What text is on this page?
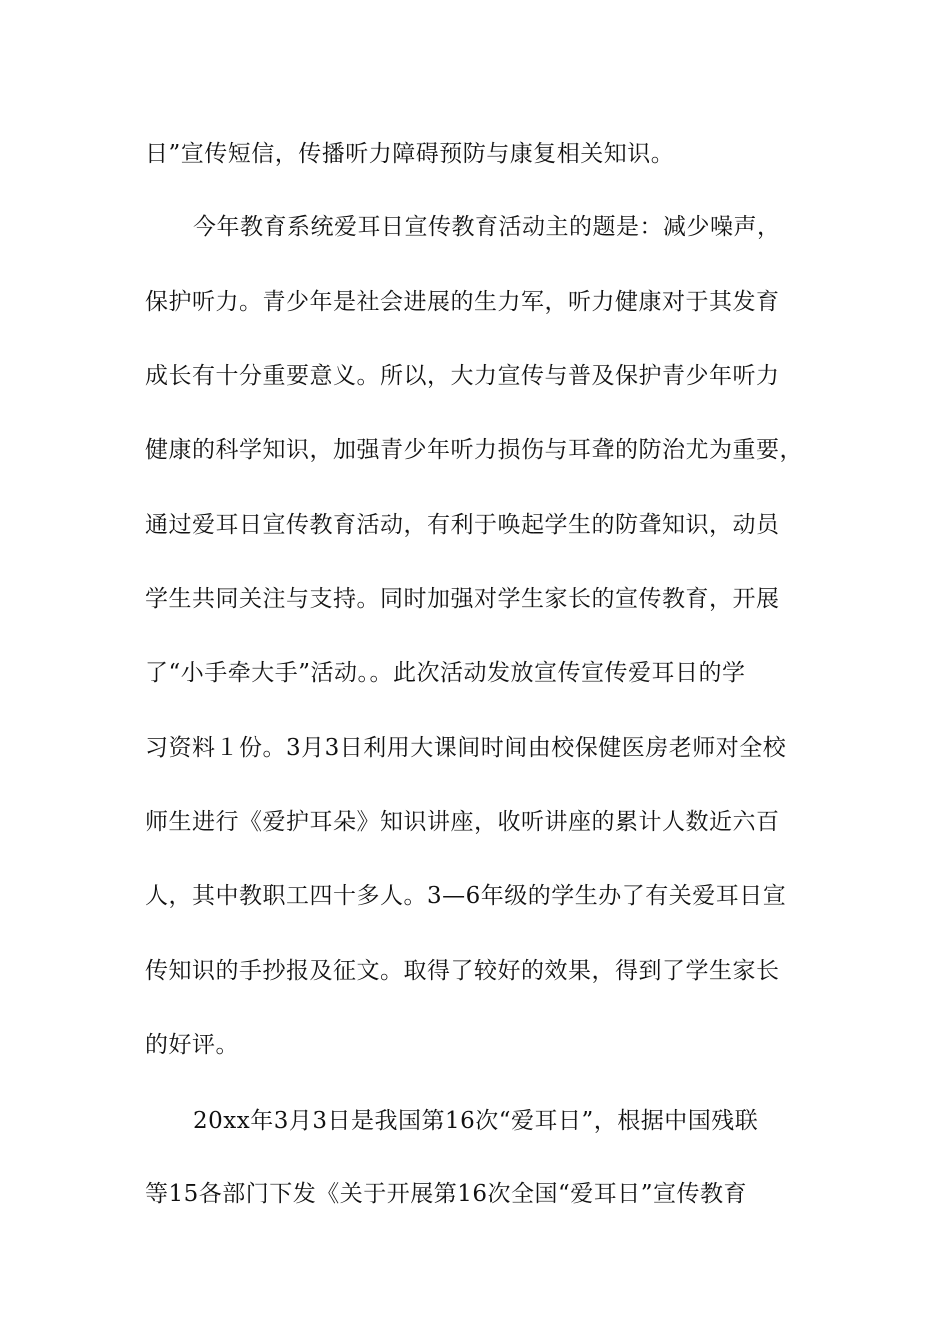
日”宣传短信，传播听力障碍预防与康复相关知识。
今年教育系统爱耳日宣传教育活动主的题是：减少噪声，
保护听力。青少年是社会进展的生力军，听力健康对于其发育
成长有十分重要意义。所以，大力宣传与普及保护青少年听力
健康的科学知识，加强青少年听力损伤与耳聋的防治尤为重要，
通过爱耳日宣传教育活动，有利于唤起学生的防聋知识，动员
学生共同关注与支持。同时加强对学生家长的宣传教育，开展
了“小手牵大手”活动。。此次活动发放宣传宣传爱耳日的学
习资料１份。3月3日利用大课间时间由校保健医房老师对全校
师生进行《爱护耳朵》知识讲座，收听讲座的累计人数近六百
人，其中教职工四十多人。3—6年级的学生办了有关爱耳日宣
传知识的手抄报及征文。取得了较好的效果，得到了学生家长
的好评。
20xx年3月3日是我国第16次“爱耳日”，根据中国残联
等15各部门下发《关于开展第16次全国“爱耳日”宣传教育
